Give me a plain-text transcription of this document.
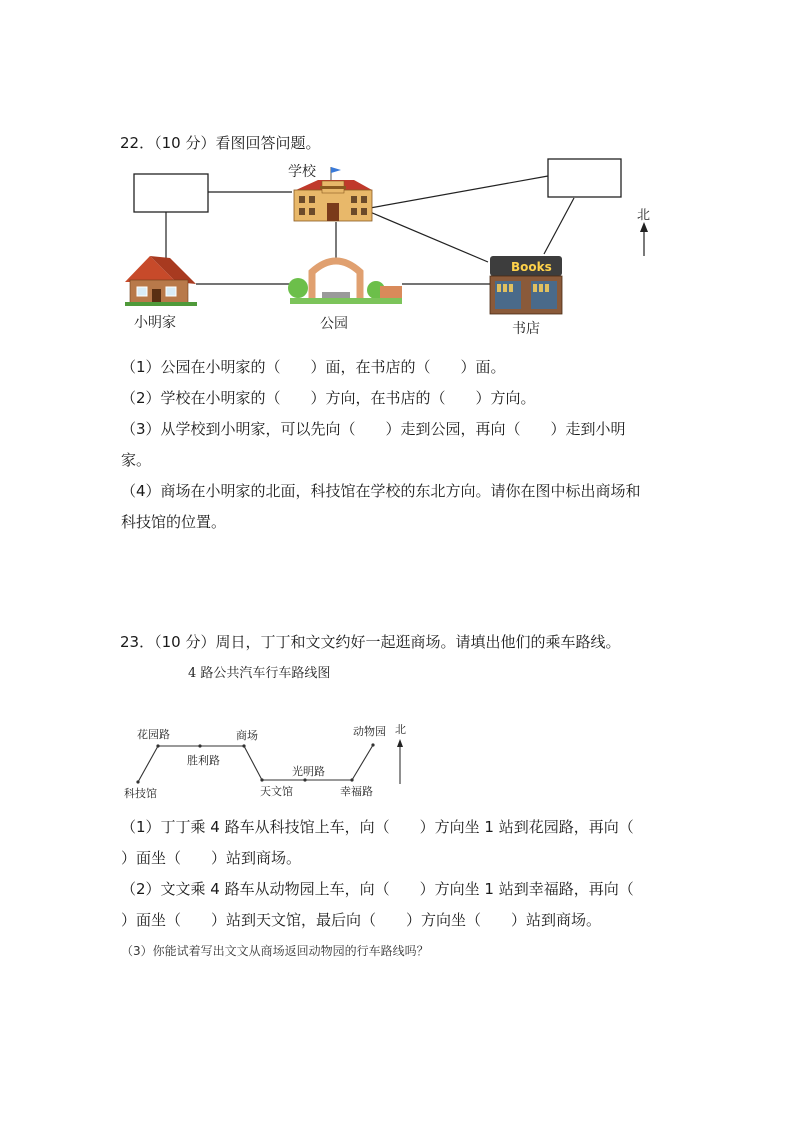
22．（10 分）看图回答问题。
学校
小明家	公园
Books
书店
北
（1）公园在小明家的（　　）面，在书店的（　　）面。
（2）学校在小明家的（　　）方向，在书店的（　　）方向。
（3）从学校到小明家，可以先向（　　）走到公园，再向（　　）走到小明
家。
（4）商场在小明家的北面，科技馆在学校的东北方向。请你在图中标出商场和
科技馆的位置。
23．（10 分）周日，丁丁和文文约好一起逛商场。请填出他们的乘车路线。
4 路公共汽车行车路线图
花园路	商场	动物园
胜利路
光明路
科技馆	天文馆	幸福路
北
（1）丁丁乘 4 路车从科技馆上车，向（　　）方向坐 1 站到花园路，再向（
）面坐（　　）站到商场。
（2）文文乘 4 路车从动物园上车，向（　　）方向坐 1 站到幸福路，再向（
）面坐（　　）站到天文馆，最后向（　　）方向坐（　　）站到商场。
（3）你能试着写出文文从商场返回动物园的行车路线吗？
